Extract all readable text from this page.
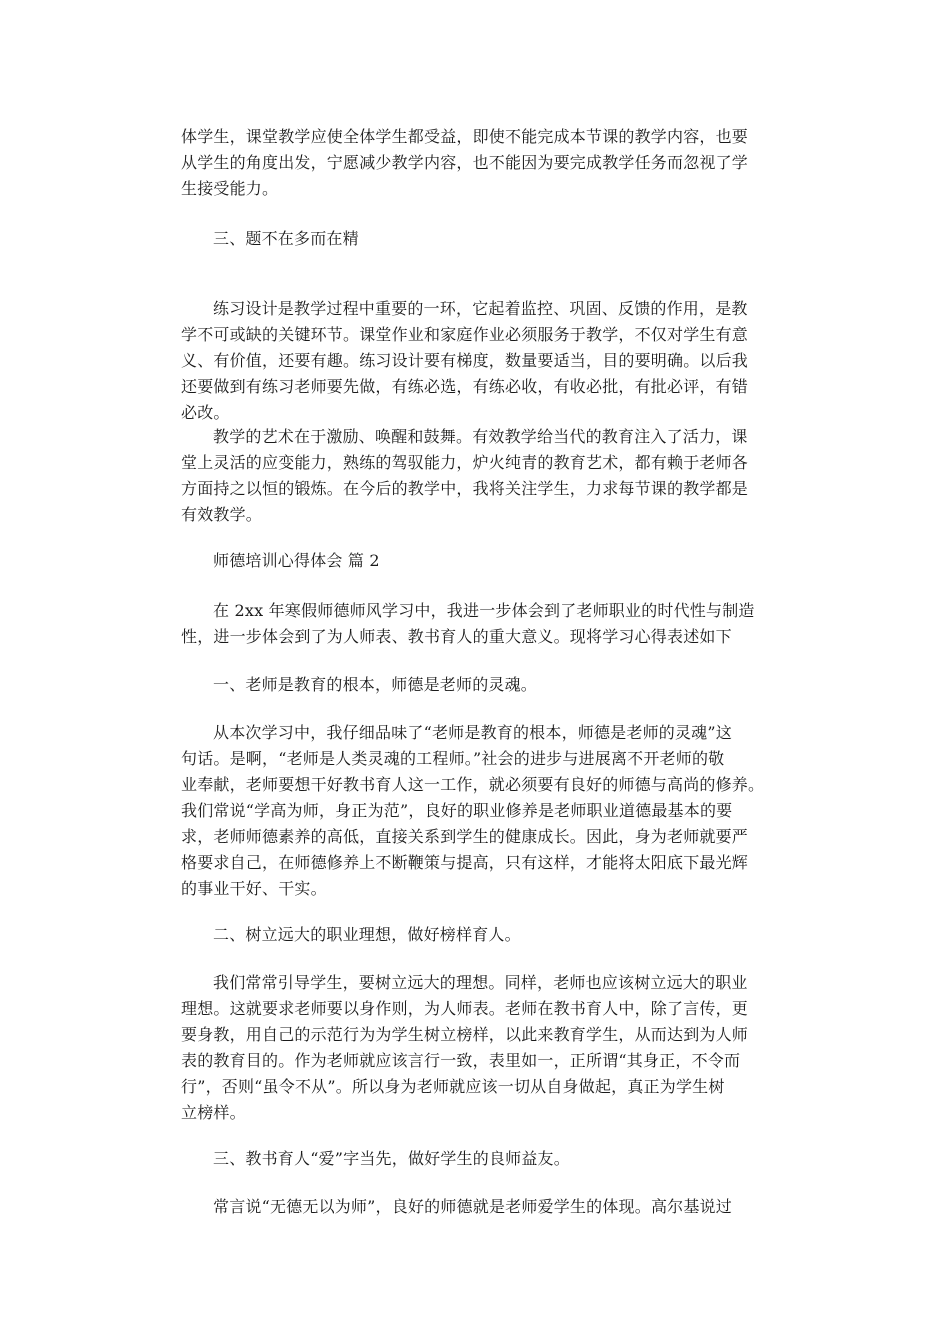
体学生，课堂教学应使全体学生都受益，即使不能完成本节课的教学内容，也要
从学生的角度出发，宁愿减少教学内容，也不能因为要完成教学任务而忽视了学
生接受能力。
三、题不在多而在精
练习设计是教学过程中重要的一环，它起着监控、巩固、反馈的作用，是教
学不可或缺的关键环节。课堂作业和家庭作业必须服务于教学，不仅对学生有意
义、有价值，还要有趣。练习设计要有梯度，数量要适当，目的要明确。以后我
还要做到有练习老师要先做，有练必选，有练必收，有收必批，有批必评，有错
必改。
教学的艺术在于激励、唤醒和鼓舞。有效教学给当代的教育注入了活力，课
堂上灵活的应变能力，熟练的驾驭能力，炉火纯青的教育艺术，都有赖于老师各
方面持之以恒的锻炼。在今后的教学中，我将关注学生，力求每节课的教学都是
有效教学。
师德培训心得体会 篇 2
在 2xx 年寒假师德师风学习中，我进一步体会到了老师职业的时代性与制造
性，进一步体会到了为人师表、教书育人的重大意义。现将学习心得表述如下
一、老师是教育的根本，师德是老师的灵魂。
从本次学习中，我仔细品味了“老师是教育的根本，师德是老师的灵魂”这
句话。是啊，“老师是人类灵魂的工程师。”社会的进步与进展离不开老师的敬
业奉献，老师要想干好教书育人这一工作，就必须要有良好的师德与高尚的修养。
我们常说“学高为师，身正为范”，良好的职业修养是老师职业道德最基本的要
求，老师师德素养的高低，直接关系到学生的健康成长。因此，身为老师就要严
格要求自己，在师德修养上不断鞭策与提高，只有这样，才能将太阳底下最光辉
的事业干好、干实。
二、树立远大的职业理想，做好榜样育人。
我们常常引导学生，要树立远大的理想。同样，老师也应该树立远大的职业
理想。这就要求老师要以身作则，为人师表。老师在教书育人中，除了言传，更
要身教，用自己的示范行为为学生树立榜样，以此来教育学生，从而达到为人师
表的教育目的。作为老师就应该言行一致，表里如一，正所谓“其身正，不令而
行”，否则“虽令不从”。所以身为老师就应该一切从自身做起，真正为学生树
立榜样。
三、教书育人“爱”字当先，做好学生的良师益友。
常言说“无德无以为师”，良好的师德就是老师爱学生的体现。高尔基说过
